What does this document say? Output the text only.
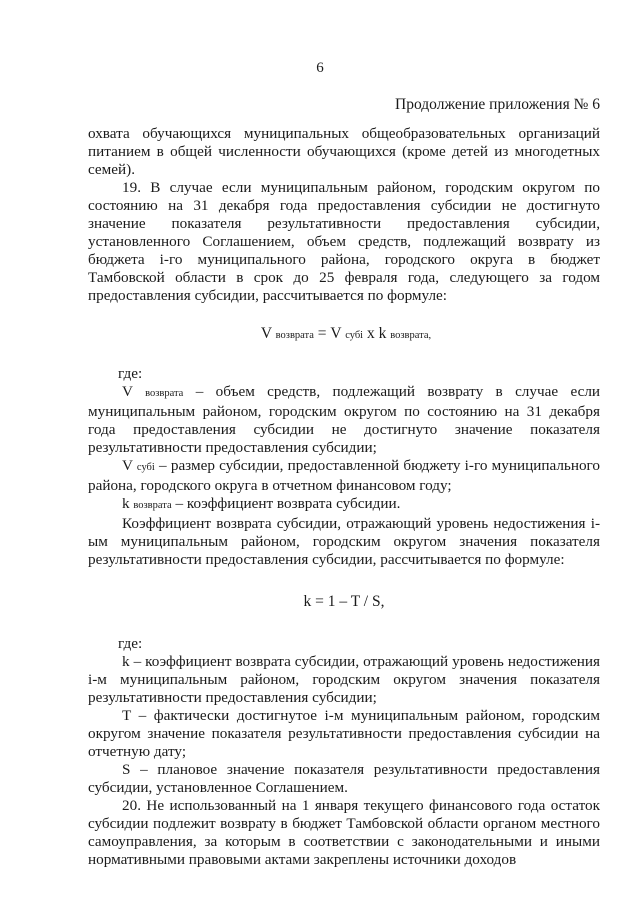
6
Продолжение приложения № 6

охвата обучающихся муниципальных общеобразовательных организаций питанием в общей численности обучающихся (кроме детей из многодетных семей).

19. В случае если муниципальным районом, городским округом по состоянию на 31 декабря года предоставления субсидии не достигнуто значение показателя результативности предоставления субсидии, установленного Соглашением, объем средств, подлежащий возврату из бюджета i-го муниципального района, городского округа в бюджет Тамбовской области в срок до 25 февраля года, следующего за годом предоставления субсидии, рассчитывается по формуле:

V возврата = V субi x k возврата,

где:

V возврата – объем средств, подлежащий возврату в случае если муниципальным районом, городским округом по состоянию на 31 декабря года предоставления субсидии не достигнуто значение показателя результативности предоставления субсидии;

V субi – размер субсидии, предоставленной бюджету i-го муниципального района, городского округа в отчетном финансовом году;

k возврата – коэффициент возврата субсидии.

Коэффициент возврата субсидии, отражающий уровень недостижения i-ым муниципальным районом, городским округом значения показателя результативности предоставления субсидии, рассчитывается по формуле:

k = 1 – T / S,

где:

k – коэффициент возврата субсидии, отражающий уровень недостижения i-м муниципальным районом, городским округом значения показателя результативности предоставления субсидии;

T – фактически достигнутое i-м муниципальным районом, городским округом значение показателя результативности предоставления субсидии на отчетную дату;

S – плановое значение показателя результативности предоставления субсидии, установленное Соглашением.

20. Не использованный на 1 января текущего финансового года остаток субсидии подлежит возврату в бюджет Тамбовской области органом местного самоуправления, за которым в соответствии с законодательными и иными нормативными правовыми актами закреплены источники доходов
